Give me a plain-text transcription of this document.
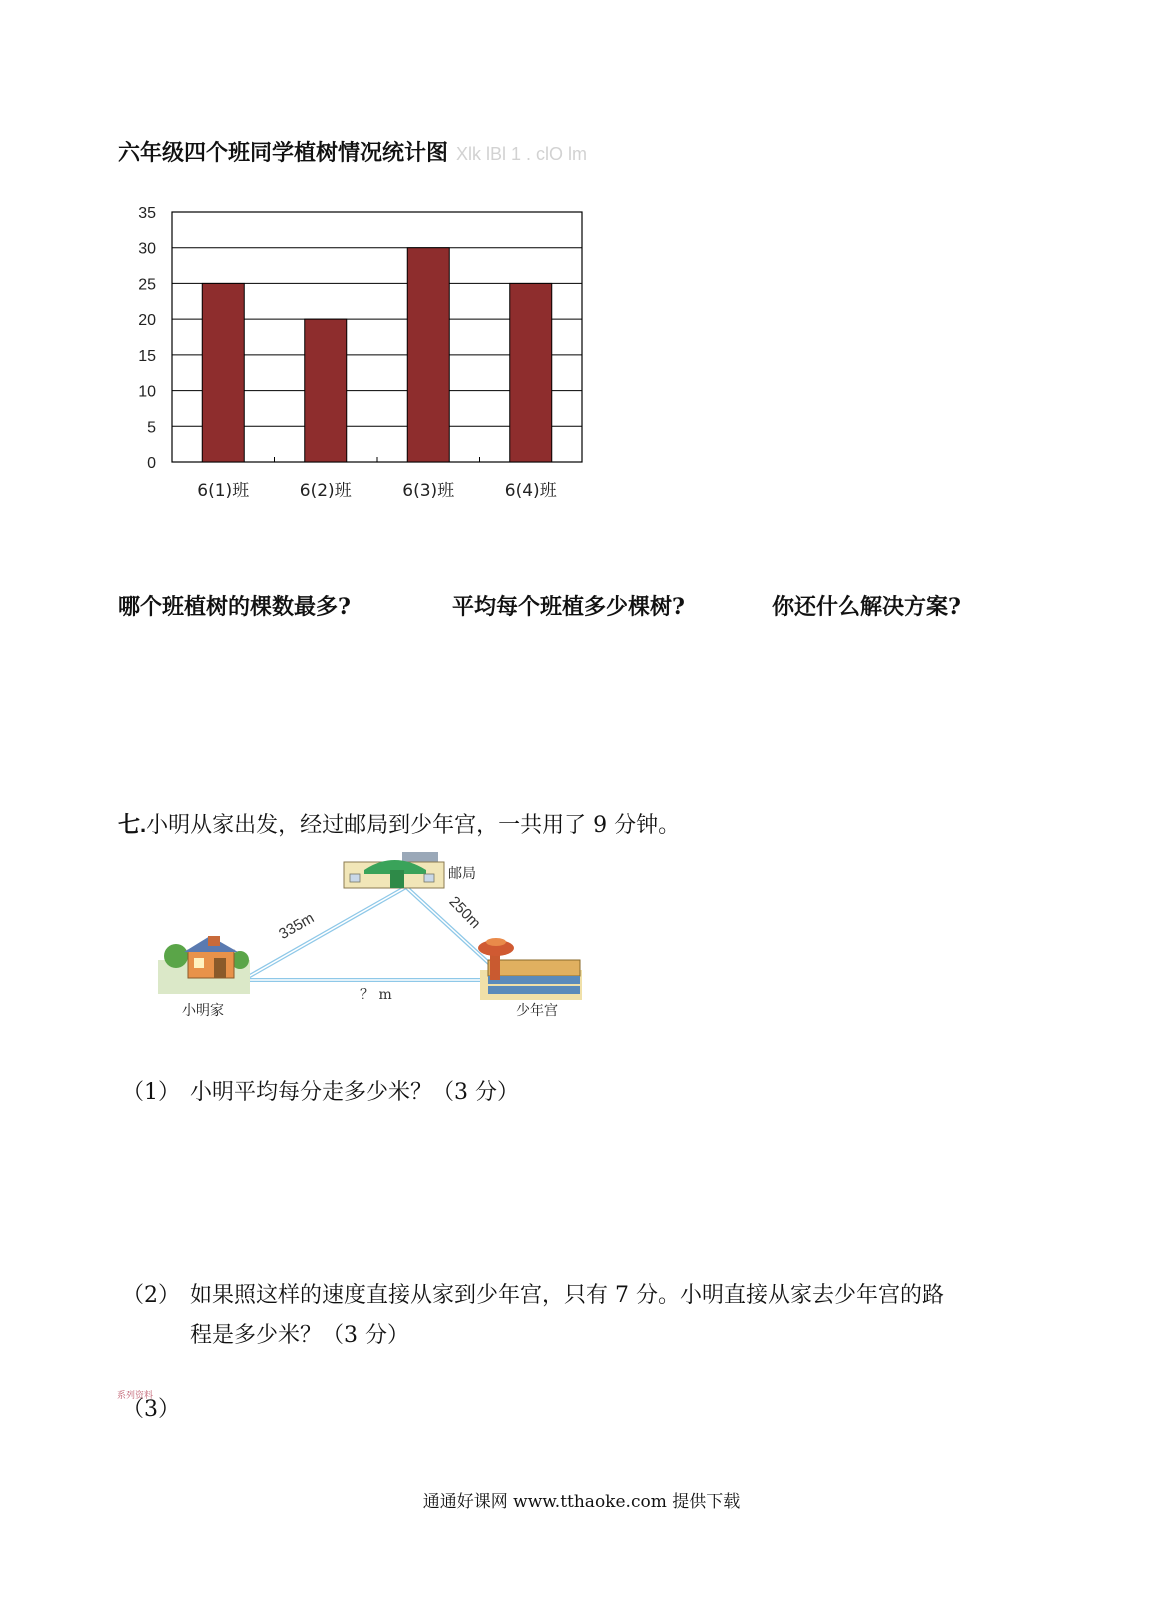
六年级四个班同学植树情况统计图 Xlk lBl 1 . clO lm
0
5
10
15
20
25
30
35
6(1)班	6(2)班	6(3)班	6(4)班
哪个班植树的棵数最多?	平均每个班植多少棵树?	你还什么解决方案?
七.小明从家出发，经过邮局到少年宫，一共用了 9 分钟。
邮局
小明家	少年宫
335m	250m
？ m
（1） 小明平均每分走多少米？（3 分）
（2） 如果照这样的速度直接从家到少年宫，只有 7 分。小明直接从家去少年宫的路
程是多少米？（3 分）
系列资料
（3）
通通好课网 www.tthaoke.com 提供下载
